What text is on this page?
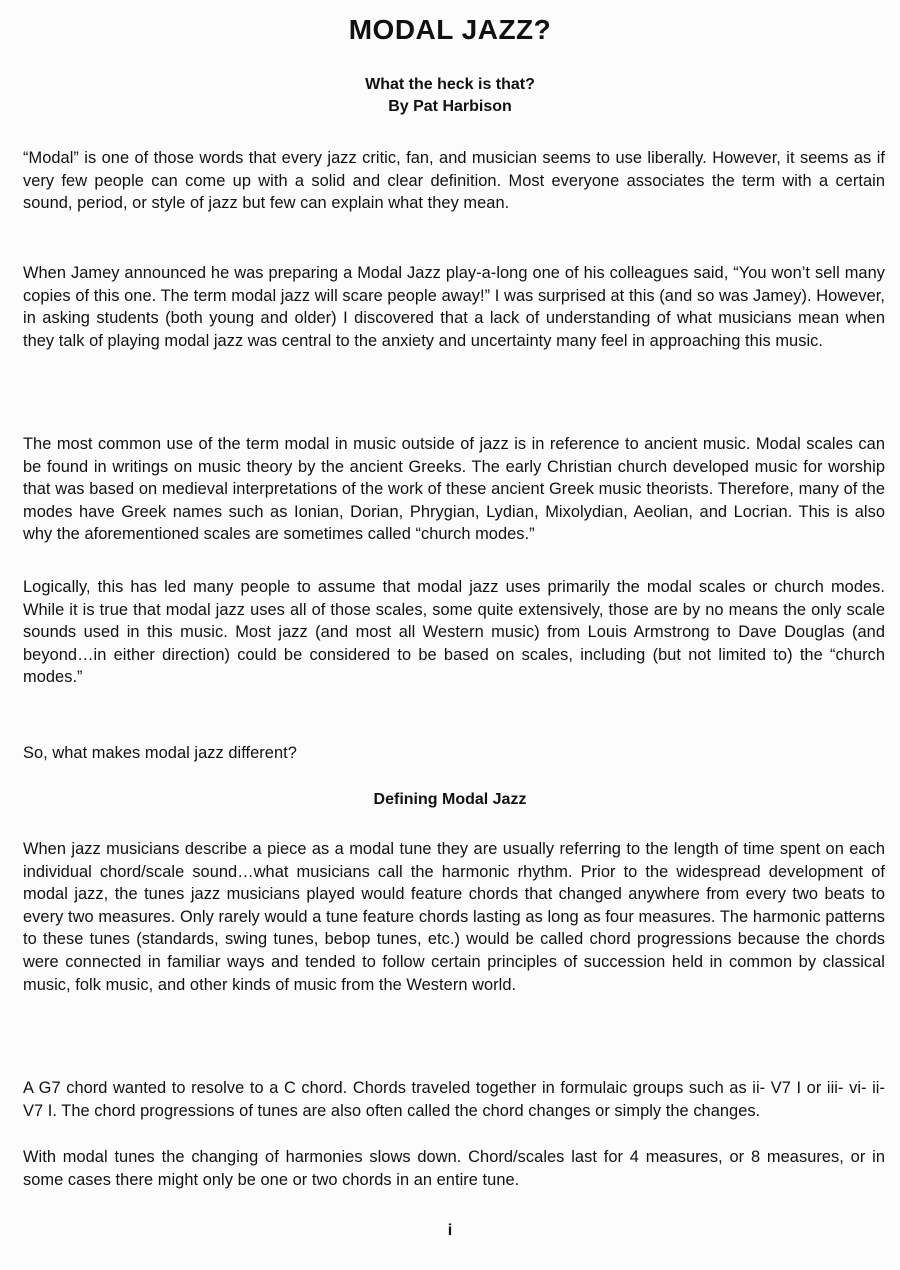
MODAL JAZZ?
What the heck is that?
By Pat Harbison

“Modal” is one of those words that every jazz critic, fan, and musician seems to use liberally. However, it seems as if very few people can come up with a solid and clear definition. Most everyone associates the term with a certain sound, period, or style of jazz but few can explain what they mean.

When Jamey announced he was preparing a Modal Jazz play-a-long one of his colleagues said, “You won’t sell many copies of this one. The term modal jazz will scare people away!” I was surprised at this (and so was Jamey). However, in asking students (both young and older) I discovered that a lack of understanding of what musicians mean when they talk of playing modal jazz was central to the anxiety and uncertainty many feel in approaching this music.

The most common use of the term modal in music outside of jazz is in reference to ancient music. Modal scales can be found in writings on music theory by the ancient Greeks. The early Christian church developed music for worship that was based on medieval interpretations of the work of these ancient Greek music theorists. Therefore, many of the modes have Greek names such as Ionian, Dorian, Phrygian, Lydian, Mixolydian, Aeolian, and Locrian. This is also why the aforementioned scales are sometimes called “church modes.”

Logically, this has led many people to assume that modal jazz uses primarily the modal scales or church modes. While it is true that modal jazz uses all of those scales, some quite extensively, those are by no means the only scale sounds used in this music. Most jazz (and most all Western music) from Louis Armstrong to Dave Douglas (and beyond…in either direction) could be considered to be based on scales, including (but not limited to) the “church modes.”

So, what makes modal jazz different?

Defining Modal Jazz

When jazz musicians describe a piece as a modal tune they are usually referring to the length of time spent on each individual chord/scale sound…what musicians call the harmonic rhythm. Prior to the widespread development of modal jazz, the tunes jazz musicians played would feature chords that changed anywhere from every two beats to every two measures. Only rarely would a tune feature chords lasting as long as four measures. The harmonic patterns to these tunes (standards, swing tunes, bebop tunes, etc.) would be called chord progressions because the chords were connected in familiar ways and tended to follow certain principles of succession held in common by classical music, folk music, and other kinds of music from the Western world.

A G7 chord wanted to resolve to a C chord. Chords traveled together in formulaic groups such as ii- V7 I or iii- vi- ii- V7 I. The chord progressions of tunes are also often called the chord changes or simply the changes.

With modal tunes the changing of harmonies slows down. Chord/scales last for 4 measures, or 8 measures, or in some cases there might only be one or two chords in an entire tune.

i
